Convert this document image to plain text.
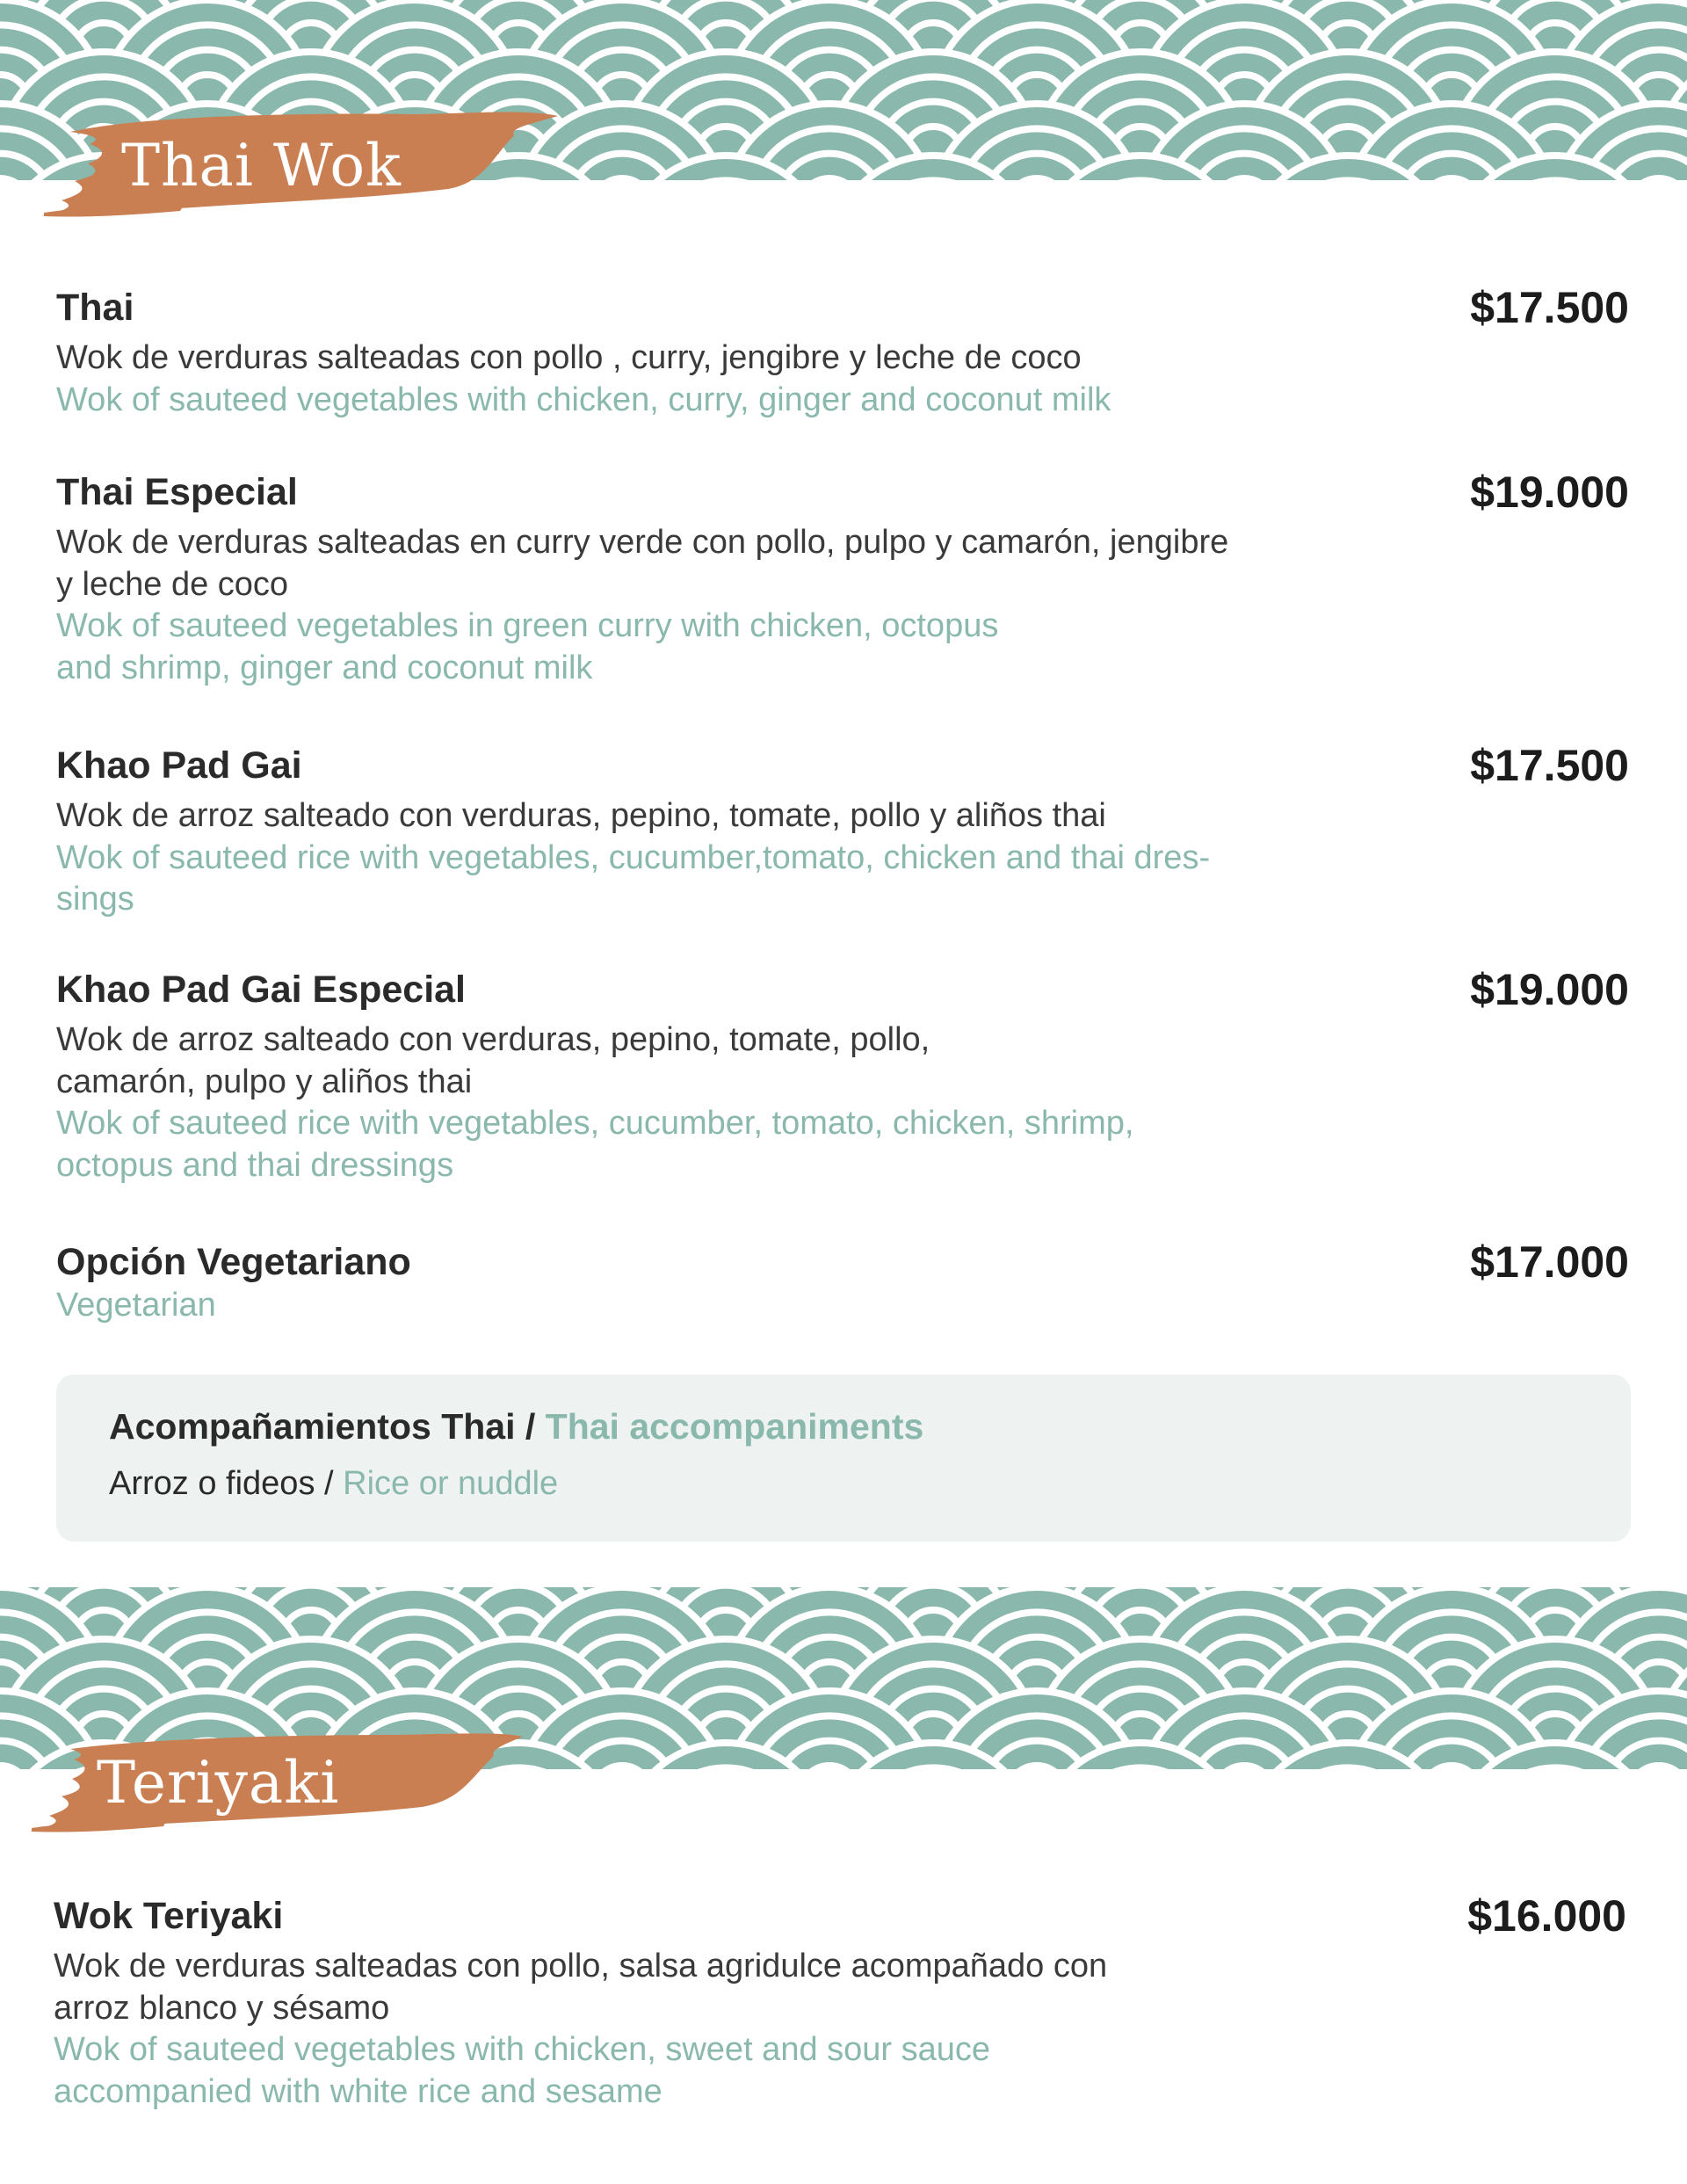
Thai Wok
Thai	$17.500
Wok de verduras salteadas con pollo , curry, jengibre y leche de coco
Wok of sauteed vegetables with chicken, curry, ginger and coconut milk
Thai Especial	$19.000
Wok de verduras salteadas en curry verde con pollo, pulpo y camarón, jengibre
y leche de coco
Wok of sauteed vegetables in green curry with chicken, octopus
and shrimp, ginger and coconut milk
Khao Pad Gai	$17.500
Wok de arroz salteado con verduras, pepino, tomate, pollo y aliños thai
Wok of sauteed rice with vegetables, cucumber,tomato, chicken and thai dres-
sings
Khao Pad Gai Especial	$19.000
Wok de arroz salteado con verduras, pepino, tomate, pollo,
camarón, pulpo y aliños thai
Wok of sauteed rice with vegetables, cucumber, tomato, chicken, shrimp,
octopus and thai dressings
Opción Vegetariano	$17.000
Vegetarian
Acompañamientos Thai / Thai accompaniments
Arroz o fideos / Rice or nuddle
Teriyaki
Wok Teriyaki	$16.000
Wok de verduras salteadas con pollo, salsa agridulce acompañado con
arroz blanco y sésamo
Wok of sauteed vegetables with chicken, sweet and sour sauce
accompanied with white rice and sesame
